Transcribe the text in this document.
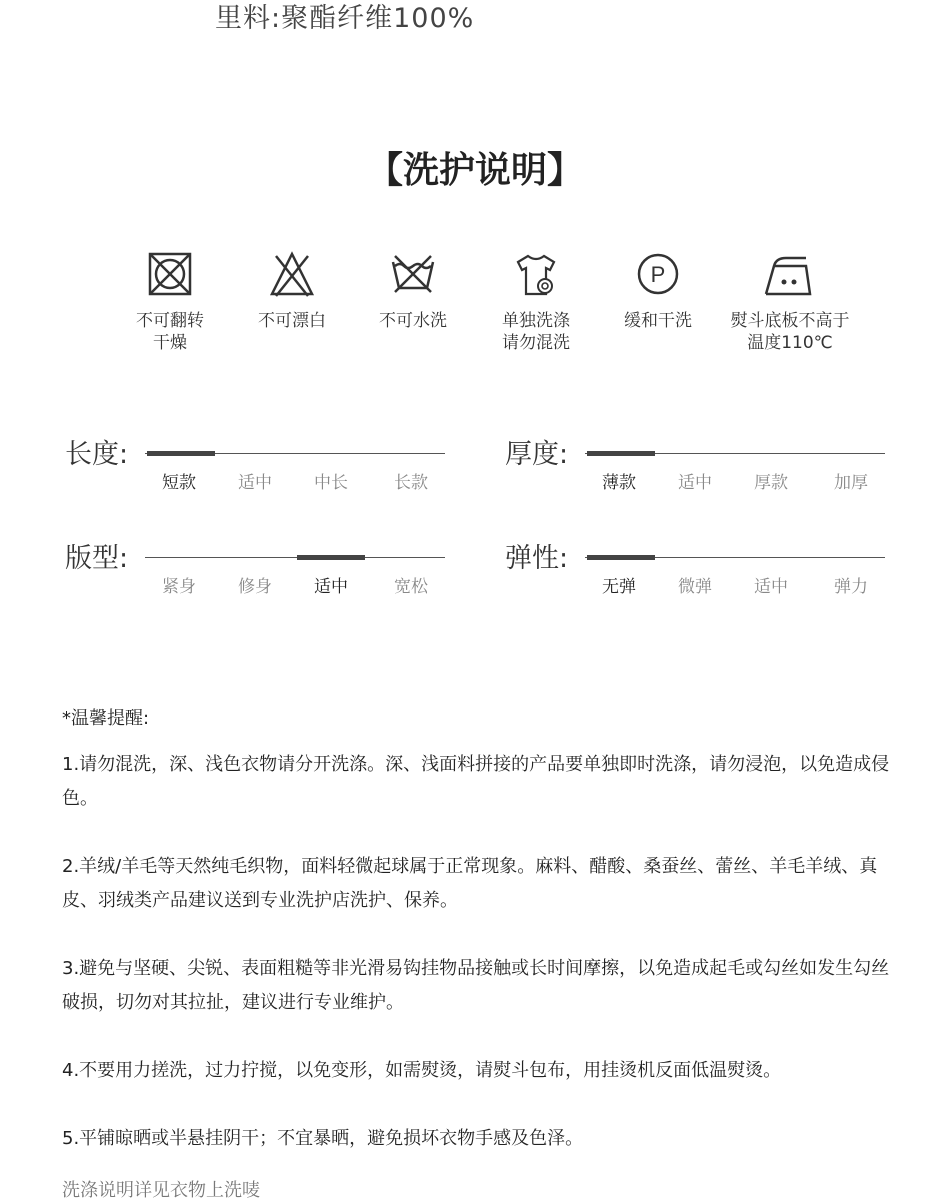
里料:聚酯纤维100%
【洗护说明】
不可翻转
干燥
不可漂白	不可水洗	单独洗涤
请勿混洗
P
缓和干洗	熨斗底板不高于
温度110℃
长度:
短款	适中	中长	长款
厚度:
薄款	适中	厚款	加厚
版型:
紧身	修身	适中	宽松
弹性:
无弹	微弹	适中	弹力
*温馨提醒:
1.请勿混洗，深、浅色衣物请分开洗涤。深、浅面料拼接的产品要单独即时洗涤，请勿浸泡，以免造成侵色。
2.羊绒/羊毛等天然纯毛织物，面料轻微起球属于正常现象。麻料、醋酸、桑蚕丝、蕾丝、羊毛羊绒、真皮、羽绒类产品建议送到专业洗护店洗护、保养。
3.避免与坚硬、尖锐、表面粗糙等非光滑易钩挂物品接触或长时间摩擦，以免造成起毛或勾丝如发生勾丝破损，切勿对其拉扯，建议进行专业维护。
4.不要用力搓洗，过力拧搅，以免变形，如需熨烫，请熨斗包布，用挂烫机反面低温熨烫。
5.平铺晾晒或半悬挂阴干；不宜暴晒，避免损坏衣物手感及色泽。
洗涤说明详见衣物上洗唛
